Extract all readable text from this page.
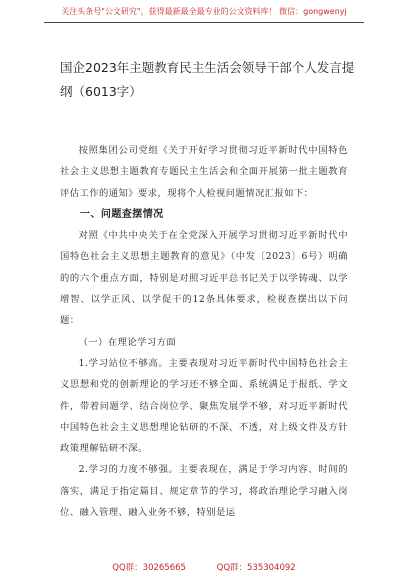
关注头条号"公文研究"，获得最新最全最专业的公文资料库！ 微信：gongwenyj
国企2023年主题教育民主生活会领导干部个人发言提纲（6013字）

按照集团公司党组《关于开好学习贯彻习近平新时代中国特色社会主义思想主题教育专题民主生活会和全面开展第一批主题教育评估工作的通知》要求，现将个人检视问题情况汇报如下：

一、问题查摆情况

对照《中共中央关于在全党深入开展学习贯彻习近平新时代中国特色社会主义思想主题教育的意见》（中发〔2023〕6号）明确的的六个重点方面，特别是对照习近平总书记关于以学铸魂、以学增智、以学正风、以学促干的12条具体要求，检视查摆出以下问题：

（一）在理论学习方面

1.学习站位不够高。主要表现对习近平新时代中国特色社会主义思想和党的创新理论的学习还不够全面、系统满足于报纸、学文件，带着问题学、结合岗位学、聚焦发展学不够，对习近平新时代中国特色社会主义思想理论钻研的不深、不透，对上级文件及方针政策理解钻研不深。

2.学习的力度不够强。主要表现在，满足于学习内容、时间的落实，满足于指定篇目、规定章节的学习，将政治理论学习融入岗位、融入管理、融入业务不够，特别是运

QQ群：30265665	QQ群：535304092
